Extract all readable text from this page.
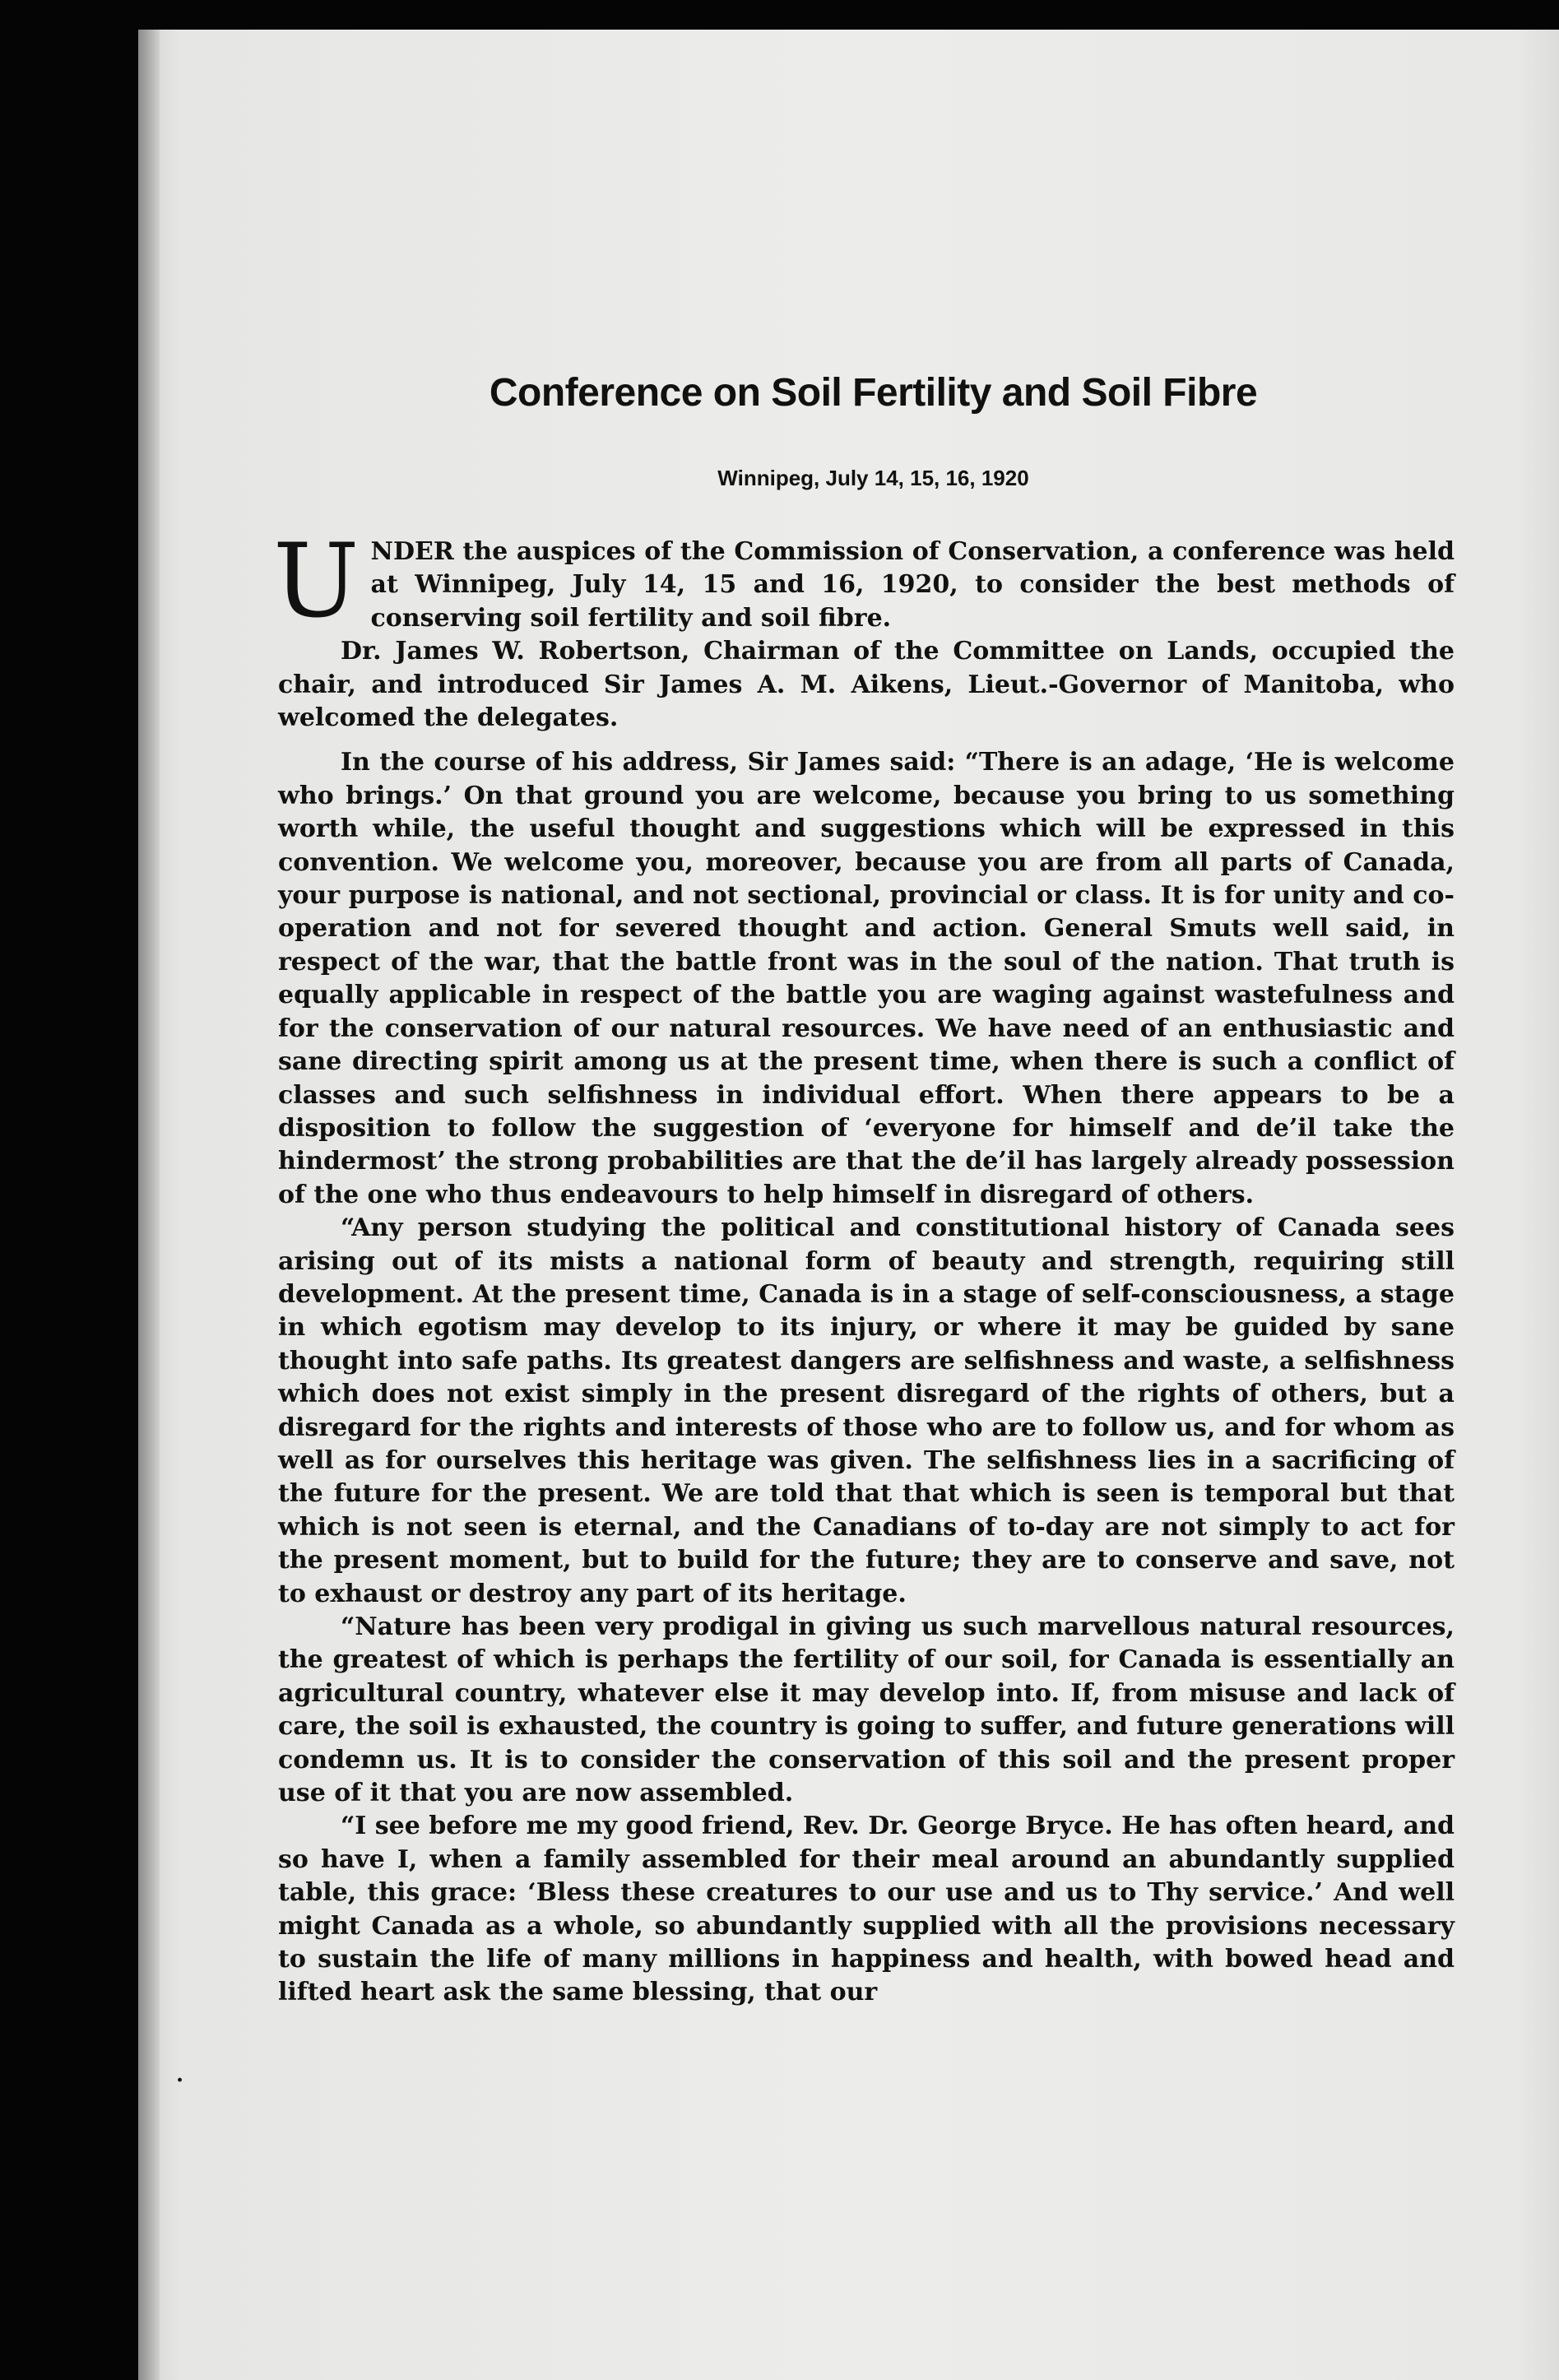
Conference on Soil Fertility and Soil Fibre
Winnipeg, July 14, 15, 16, 1920

UNDER the auspices of the Commission of Conservation, a conference was held at Winnipeg, July 14, 15 and 16, 1920, to consider the best methods of conserving soil fertility and soil fibre.

Dr. James W. Robertson, Chairman of the Committee on Lands, occupied the chair, and introduced Sir James A. M. Aikens, Lieut.-Governor of Manitoba, who welcomed the delegates.

In the course of his address, Sir James said: “There is an adage, ‘He is welcome who brings.’ On that ground you are welcome, because you bring to us something worth while, the useful thought and suggestions which will be expressed in this convention. We welcome you, moreover, because you are from all parts of Canada, your purpose is national, and not sectional, provincial or class. It is for unity and co-operation and not for severed thought and action. General Smuts well said, in respect of the war, that the battle front was in the soul of the nation. That truth is equally applicable in respect of the battle you are waging against wastefulness and for the conservation of our natural resources. We have need of an enthusiastic and sane directing spirit among us at the present time, when there is such a conflict of classes and such selfishness in individual effort. When there appears to be a disposition to follow the suggestion of ‘everyone for himself and de’il take the hindermost’ the strong probabilities are that the de’il has largely already possession of the one who thus endeavours to help himself in disregard of others.

“Any person studying the political and constitutional history of Canada sees arising out of its mists a national form of beauty and strength, requiring still development. At the present time, Canada is in a stage of self-consciousness, a stage in which egotism may develop to its injury, or where it may be guided by sane thought into safe paths. Its greatest dangers are selfishness and waste, a selfishness which does not exist simply in the present disregard of the rights of others, but a disregard for the rights and interests of those who are to follow us, and for whom as well as for ourselves this heritage was given. The selfishness lies in a sacrificing of the future for the present. We are told that that which is seen is temporal but that which is not seen is eternal, and the Canadians of to-day are not simply to act for the present moment, but to build for the future; they are to conserve and save, not to exhaust or destroy any part of its heritage.

“Nature has been very prodigal in giving us such marvellous natural resources, the greatest of which is perhaps the fertility of our soil, for Canada is essentially an agricultural country, whatever else it may develop into. If, from misuse and lack of care, the soil is exhausted, the country is going to suffer, and future generations will condemn us. It is to consider the conservation of this soil and the present proper use of it that you are now assembled.

“I see before me my good friend, Rev. Dr. George Bryce. He has often heard, and so have I, when a family assembled for their meal around an abundantly supplied table, this grace: ‘Bless these creatures to our use and us to Thy service.’ And well might Canada as a whole, so abundantly supplied with all the provisions necessary to sustain the life of many millions in happiness and health, with bowed head and lifted heart ask the same blessing, that our

·
